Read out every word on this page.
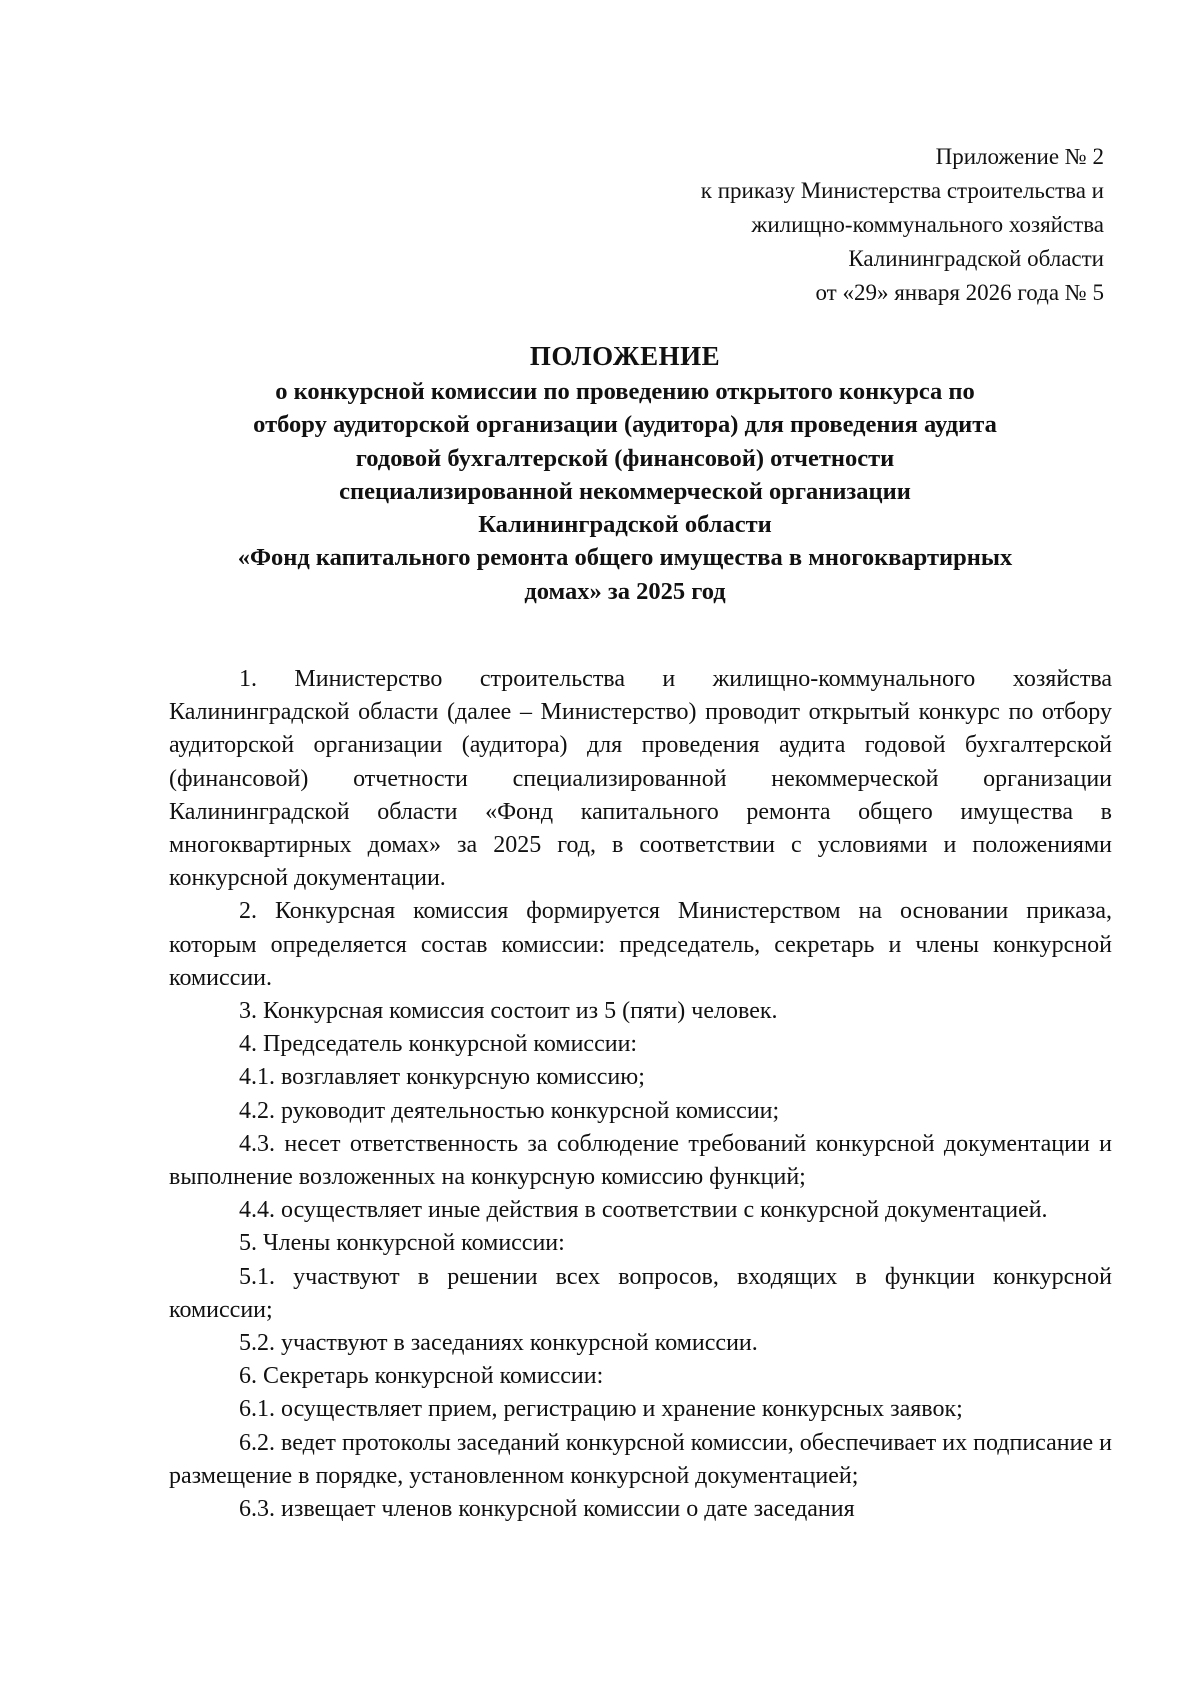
Приложение № 2
к приказу Министерства строительства и
жилищно-коммунального хозяйства
Калининградской области
от «29» января 2026 года № 5
ПОЛОЖЕНИЕ
о конкурсной комиссии по проведению открытого конкурса по
отбору аудиторской организации (аудитора) для проведения аудита
годовой бухгалтерской (финансовой) отчетности
специализированной некоммерческой организации
Калининградской области
«Фонд капитального ремонта общего имущества в многоквартирных
домах» за 2025 год

1. Министерство строительства и жилищно-коммунального хозяйства Калининградской области (далее – Министерство) проводит открытый конкурс по отбору аудиторской организации (аудитора) для проведения аудита годовой бухгалтерской (финансовой) отчетности специализированной некоммерческой организации Калининградской области «Фонд капитального ремонта общего имущества в многоквартирных домах» за 2025 год, в соответствии с условиями и положениями конкурсной документации.

2. Конкурсная комиссия формируется Министерством на основании приказа, которым определяется состав комиссии: председатель, секретарь и члены конкурсной комиссии.

3. Конкурсная комиссия состоит из 5 (пяти) человек.

4. Председатель конкурсной комиссии:

4.1. возглавляет конкурсную комиссию;

4.2. руководит деятельностью конкурсной комиссии;

4.3. несет ответственность за соблюдение требований конкурсной документации и выполнение возложенных на конкурсную комиссию функций;

4.4. осуществляет иные действия в соответствии с конкурсной документацией.

5. Члены конкурсной комиссии:

5.1. участвуют в решении всех вопросов, входящих в функции конкурсной комиссии;

5.2. участвуют в заседаниях конкурсной комиссии.

6. Секретарь конкурсной комиссии:

6.1. осуществляет прием, регистрацию и хранение конкурсных заявок;

6.2. ведет протоколы заседаний конкурсной комиссии, обеспечивает их подписание и размещение в порядке, установленном конкурсной документацией;

6.3. извещает членов конкурсной комиссии о дате заседания
